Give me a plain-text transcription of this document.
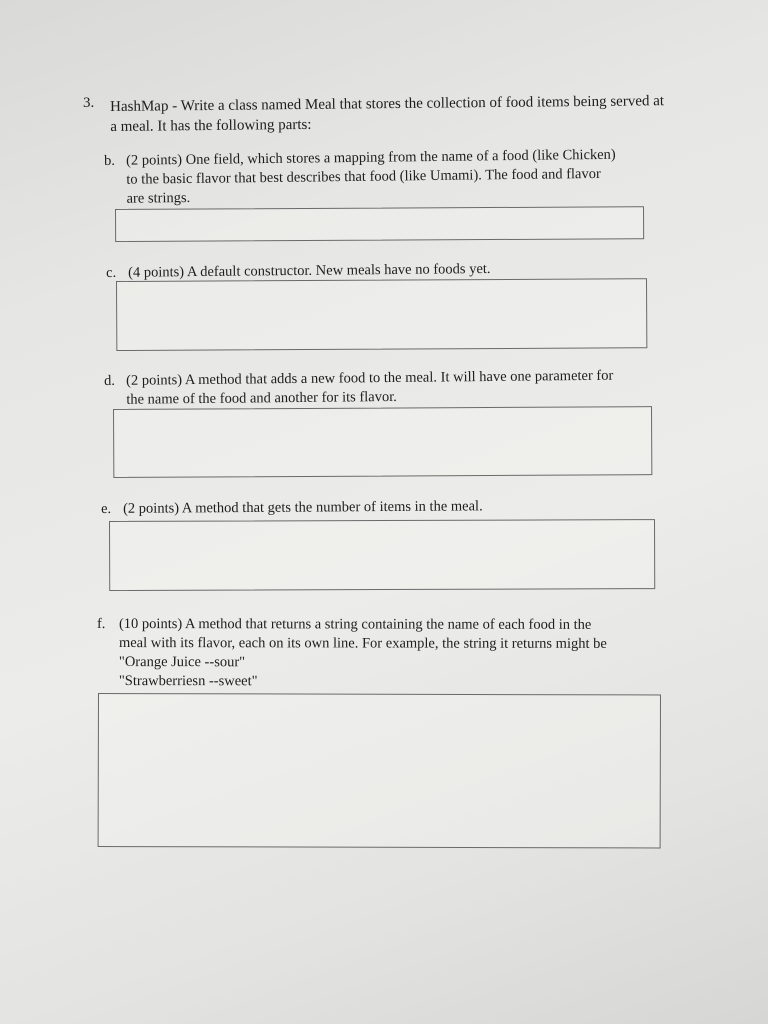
3. HashMap - Write a class named Meal that stores the collection of food items being served at a meal. It has the following parts:
b. (2 points) One field, which stores a mapping from the name of a food (like Chicken)
to the basic flavor that best describes that food (like Umami). The food and flavor
are strings.
c. (4 points) A default constructor. New meals have no foods yet.
d. (2 points) A method that adds a new food to the meal. It will have one parameter for
the name of the food and another for its flavor.
e. (2 points) A method that gets the number of items in the meal.
f. (10 points) A method that returns a string containing the name of each food in the
meal with its flavor, each on its own line. For example, the string it returns might be
"Orange Juice --sour"
"Strawberriesn --sweet"
